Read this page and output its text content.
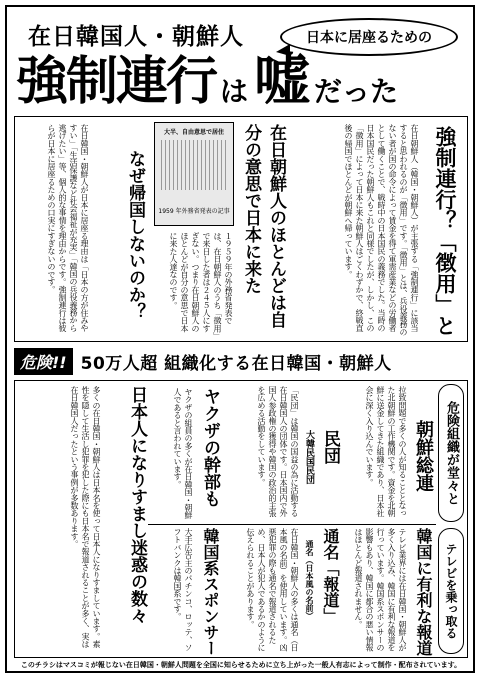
在日韓国人・朝鮮人	日本に居座るための
強制連行 は 嘘 だった
強制連行？「徴用」と
在日朝鮮人（韓国・朝鮮人）が主張する「強制連行」に該当すると思われるのが「徴用」です。「徴用」とは、兵役義務のない者が国の命令によって賃金を得て軍需産業などの労働者として働くことで、戦時中の日本国民の義務でした。当時の日本国民だった朝鮮人もこれと同様でしたが、しかし、この「徴用」によって日本に来た朝鮮人はごくわずかで、終戦直後の帰国でほとんどが朝鮮へ帰っています。
在日朝鮮人のほとんどは自分の意思で日本に来た
大半、自由意思で居住
1959 年外務省発表の記事
１９５９年の外務省発表では、在日朝鮮人のうち「徴用」で来日した者は２４５人にすぎない。つまり在日朝鮮人のほとんどが自分の意思で日本に来た人達なのです。
なぜ帰国しないのか？
在日韓国・朝鮮人が日本に居座る理由は「日本の方が住みやすい」「生活保護など社会福祉が充実」「韓国の兵役義務から逃げたい」等、個人的な事情を理由からです。強制連行は彼らが日本に居座るための口実にすぎないのです。
危険!! 50万人超 組織化する在日韓国・朝鮮人
危険組織が堂々と
朝鮮総連
拉致問題で多くの人が知ることとなった北朝鮮の工作機関です。資金を北朝鮮に送金してきた組織であり、日本社会に深く入り込んでいます。
民団
大韓民国民団
「民団」は韓国の国益の為に活動する在日韓国人の団体です。日本国内で外国人参政権の獲得や韓国の政治的主張を広める活動をしています。
ヤクザの幹部も
ヤクザの組員の多くが在日韓国・朝鮮人であると言われています。
日本人になりすまし迷惑の数々
多くの在日韓国・朝鮮人は日本名を使って日本人になりすましています。素性を隠して生活し犯罪を犯した際にも日本名で報道されることが多く、実は在日韓国人だったという事例が多数あります。
テレビを乗っ取る
韓国に有利な報道
テレビ業界には在日韓国・朝鮮人が多く入り込み、韓国に有利な報道を行っています。韓国系スポンサーの影響もあり、韓国に都合の悪い情報はほとんど報道されません。
通名「報道」
通名（日本風の名前）
在日韓国・朝鮮人の多くは通名（日本風の名前）を使用しています。凶悪犯罪の際も通名で報道されるため、日本人が犯人であるかのように伝えられることがあります。
韓国系スポンサー
大手広告主のパチンコ、ロッテ、ソフトバンクは韓国系です。
このチラシはマスコミが報じない在日韓国・朝鮮人問題を全国に知らせるために立ち上がった一般人有志によって制作・配布されています。
